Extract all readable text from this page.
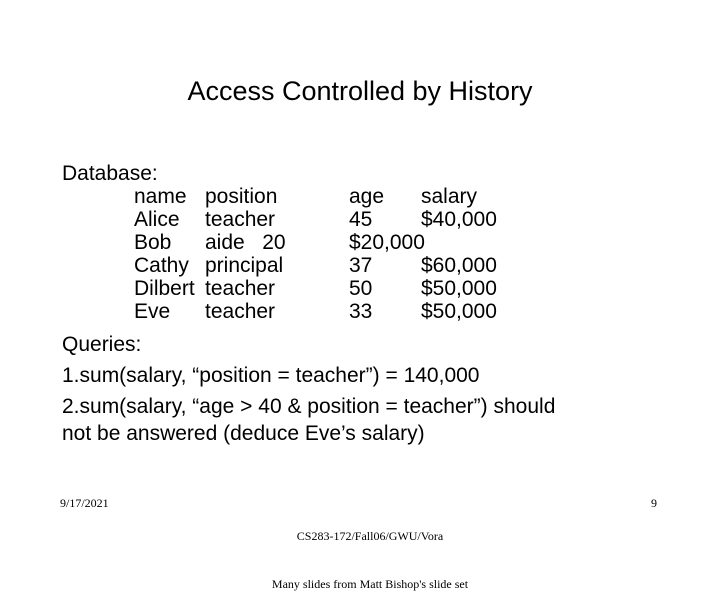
Access Controlled by History
Database:
name position	age salary
Alice teacher	45 $40,000
Bob aide   20	$20,000
Cathy principal	37 $60,000
Dilbert teacher	50 $50,000
Eve teacher	33 $50,000
Queries:
1.sum(salary, “position = teacher”) = 140,000
2.sum(salary, “age > 40 & position = teacher”) should
not be answered (deduce Eve’s salary)
9/17/2021

CS283-172/Fall06/GWU/Vora

Many slides from Matt Bishop's slide set

9
